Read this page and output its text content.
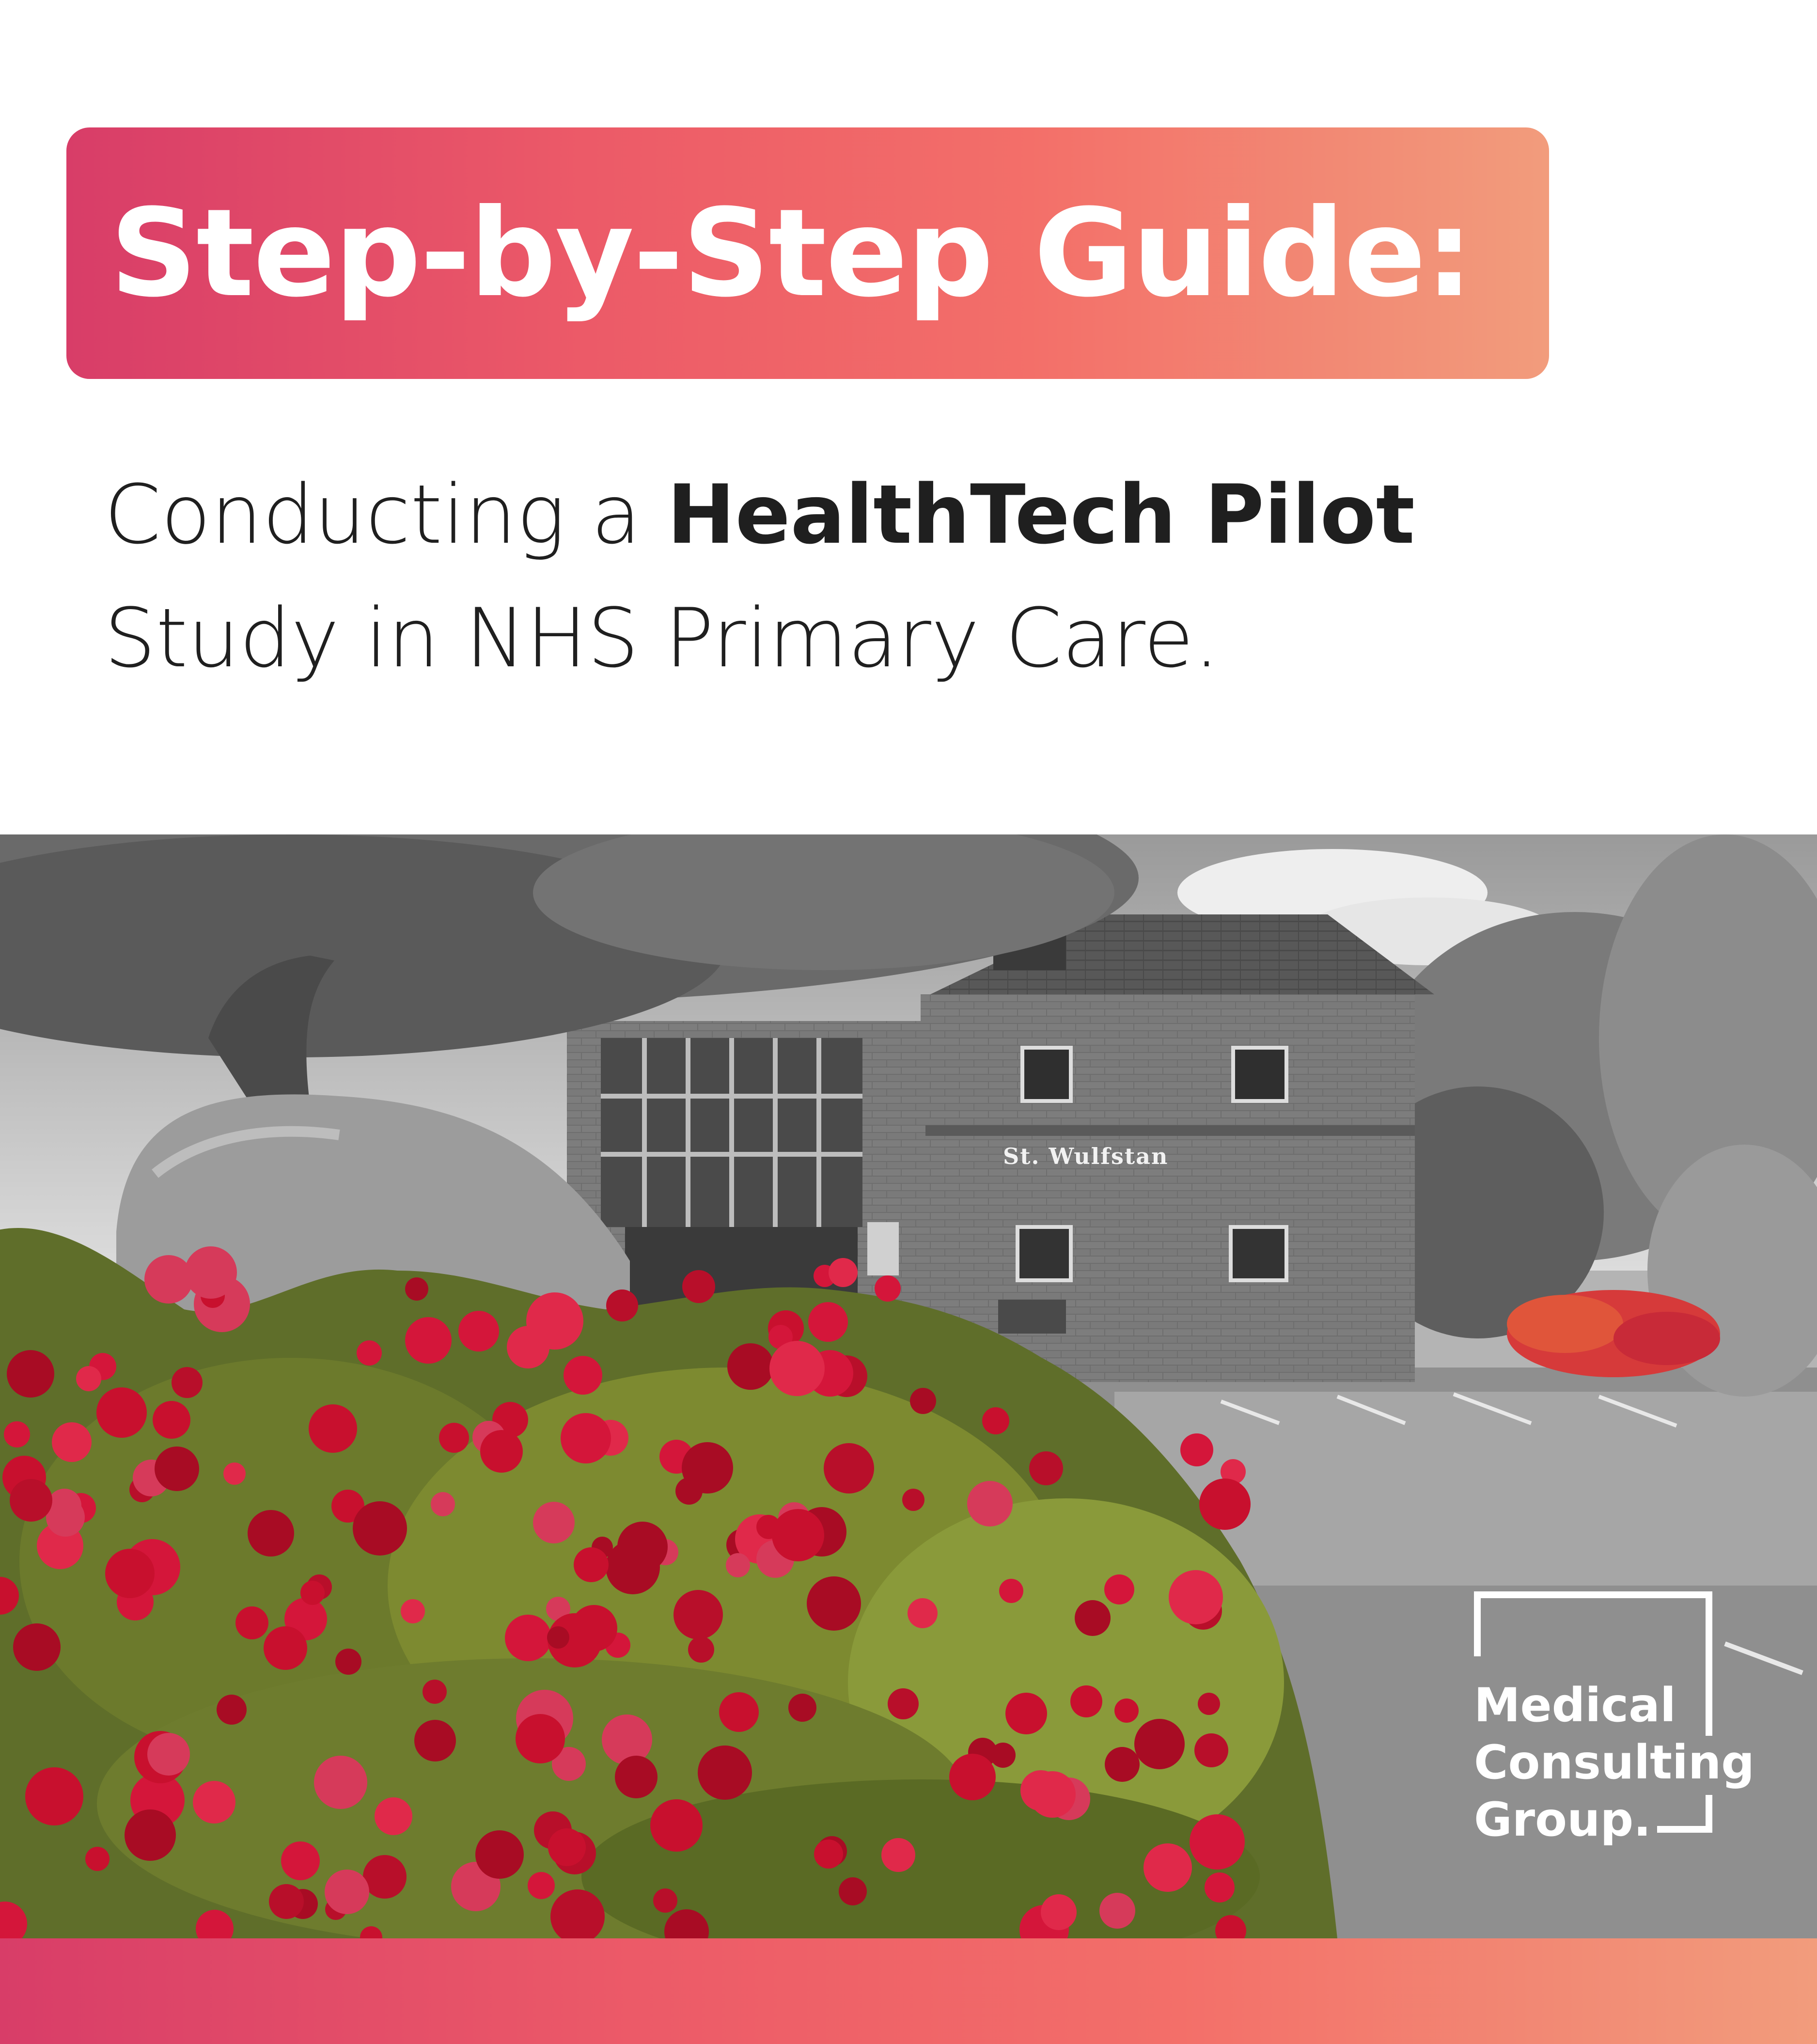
Step-by-Step Guide:
Conducting a HealthTech Pilot
Study in NHS Primary Care.
St. Wulfstan
Medical
Consulting
Group.
